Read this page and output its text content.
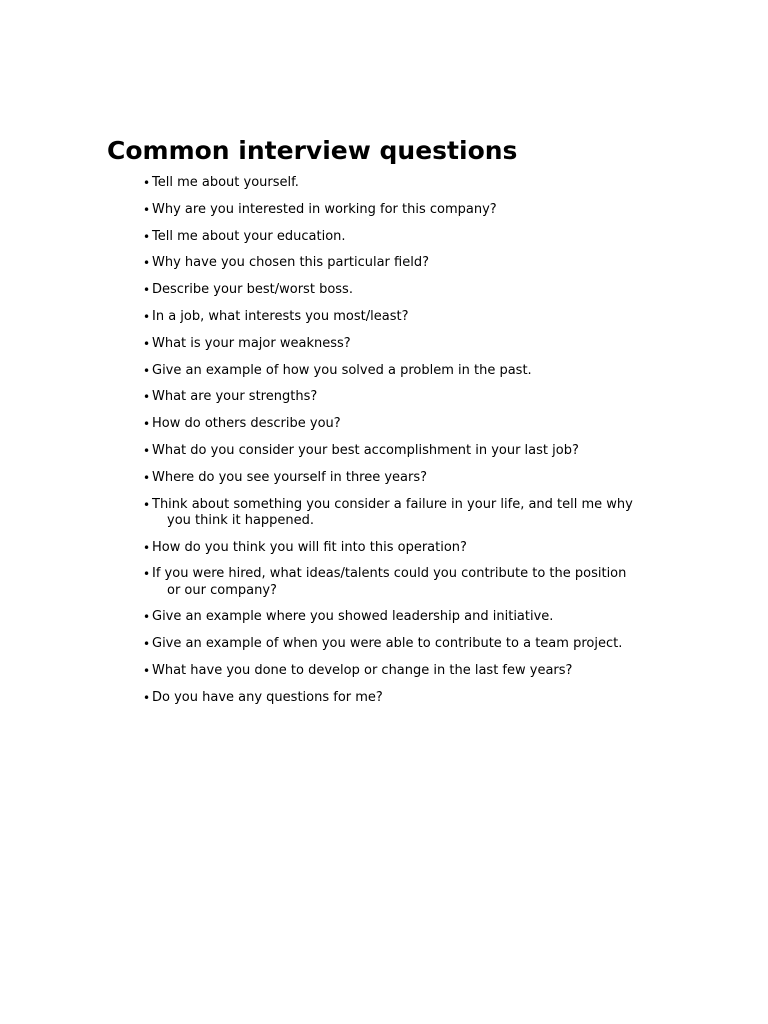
Common interview questions
• Tell me about yourself.
• Why are you interested in working for this company?
• Tell me about your education.
• Why have you chosen this particular field?
• Describe your best/worst boss.
• In a job, what interests you most/least?
• What is your major weakness?
• Give an example of how you solved a problem in the past.
• What are your strengths?
• How do others describe you?
• What do you consider your best accomplishment in your last job?
• Where do you see yourself in three years?
• Think about something you consider a failure in your life, and tell me why
you think it happened.
• How do you think you will fit into this operation?
• If you were hired, what ideas/talents could you contribute to the position
or our company?
• Give an example where you showed leadership and initiative.
• Give an example of when you were able to contribute to a team project.
• What have you done to develop or change in the last few years?
• Do you have any questions for me?
